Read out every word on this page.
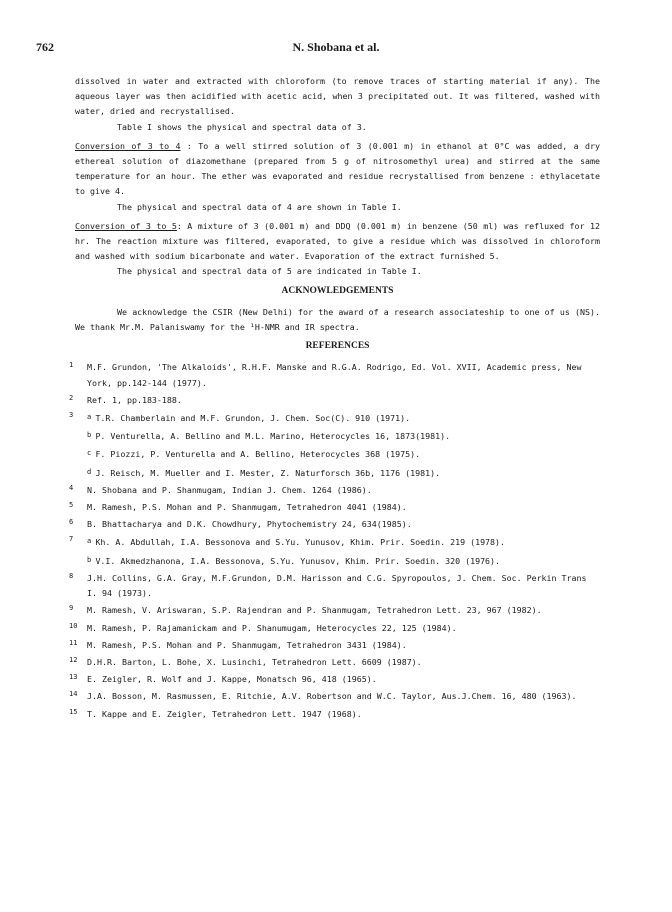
762	N. Shobana et al.

dissolved in water and extracted with chloroform (to remove traces of starting material if any). The aqueous layer was then acidified with acetic acid, when 3 precipitated out. It was filtered, washed with water, dried and recrystallised.

Table I shows the physical and spectral data of 3.

Conversion of 3 to 4 : To a well stirred solution of 3 (0.001 m) in ethanol at 0°C was added, a dry ethereal solution of diazomethane (prepared from 5 g of nitrosomethyl urea) and stirred at the same temperature for an hour. The ether was evaporated and residue recrystallised from benzene : ethylacetate to give 4.

The physical and spectral data of 4 are shown in Table I.

Conversion of 3 to 5: A mixture of 3 (0.001 m) and DDQ (0.001 m) in benzene (50 ml) was refluxed for 12 hr. The reaction mixture was filtered, evaporated, to give a residue which was dissolved in chloroform and washed with sodium bicarbonate and water. Evaporation of the extract furnished 5.

The physical and spectral data of 5 are indicated in Table I.

ACKNOWLEDGEMENTS

We acknowledge the CSIR (New Delhi) for the award of a research associateship to one of us (NS). We thank Mr.M. Palaniswamy for the ¹H-NMR and IR spectra.

REFERENCES
1 M.F. Grundon, 'The Alkaloids', R.H.F. Manske and R.G.A. Rodrigo, Ed. Vol. XVII, Academic press, New York, pp.142-144 (1977).
2 Ref. 1, pp.183-188.
3 $^a$ T.R. Chamberlain and M.F. Grundon, J. Chem. Soc(C). 910 (1971).
$^b$ P. Venturella, A. Bellino and M.L. Marino, Heterocycles 16, 1873(1981).
$^c$ F. Piozzi, P. Venturella and A. Bellino, Heterocycles 368 (1975).
$^d$ J. Reisch, M. Mueller and I. Mester, Z. Naturforsch 36b, 1176 (1981).
4 N. Shobana and P. Shanmugam, Indian J. Chem. 1264 (1986).
5 M. Ramesh, P.S. Mohan and P. Shanmugam, Tetrahedron 4041 (1984).
6 B. Bhattacharya and D.K. Chowdhury, Phytochemistry 24, 634(1985).
7 $^a$ Kh. A. Abdullah, I.A. Bessonova and S.Yu. Yunusov, Khim. Prir. Soedin. 219 (1978).
$^b$ V.I. Akmedzhanona, I.A. Bessonova, S.Yu. Yunusov, Khim. Prir. Soedin. 320 (1976).
8 J.H. Collins, G.A. Gray, M.F.Grundon, D.M. Harisson and C.G. Spyropoulos, J. Chem. Soc. Perkin Trans I. 94 (1973).
9 M. Ramesh, V. Ariswaran, S.P. Rajendran and P. Shanmugam, Tetrahedron Lett. 23, 967 (1982).
10 M. Ramesh, P. Rajamanickam and P. Shanumugam, Heterocycles 22, 125 (1984).
11 M. Ramesh, P.S. Mohan and P. Shanmugam, Tetrahedron 3431 (1984).
12 D.H.R. Barton, L. Bohe, X. Lusinchi, Tetrahedron Lett. 6609 (1987).
13 E. Zeigler, R. Wolf and J. Kappe, Monatsch 96, 418 (1965).
14 J.A. Bosson, M. Rasmussen, E. Ritchie, A.V. Robertson and W.C. Taylor, Aus.J.Chem. 16, 480 (1963).
15 T. Kappe and E. Zeigler, Tetrahedron Lett. 1947 (1968).
